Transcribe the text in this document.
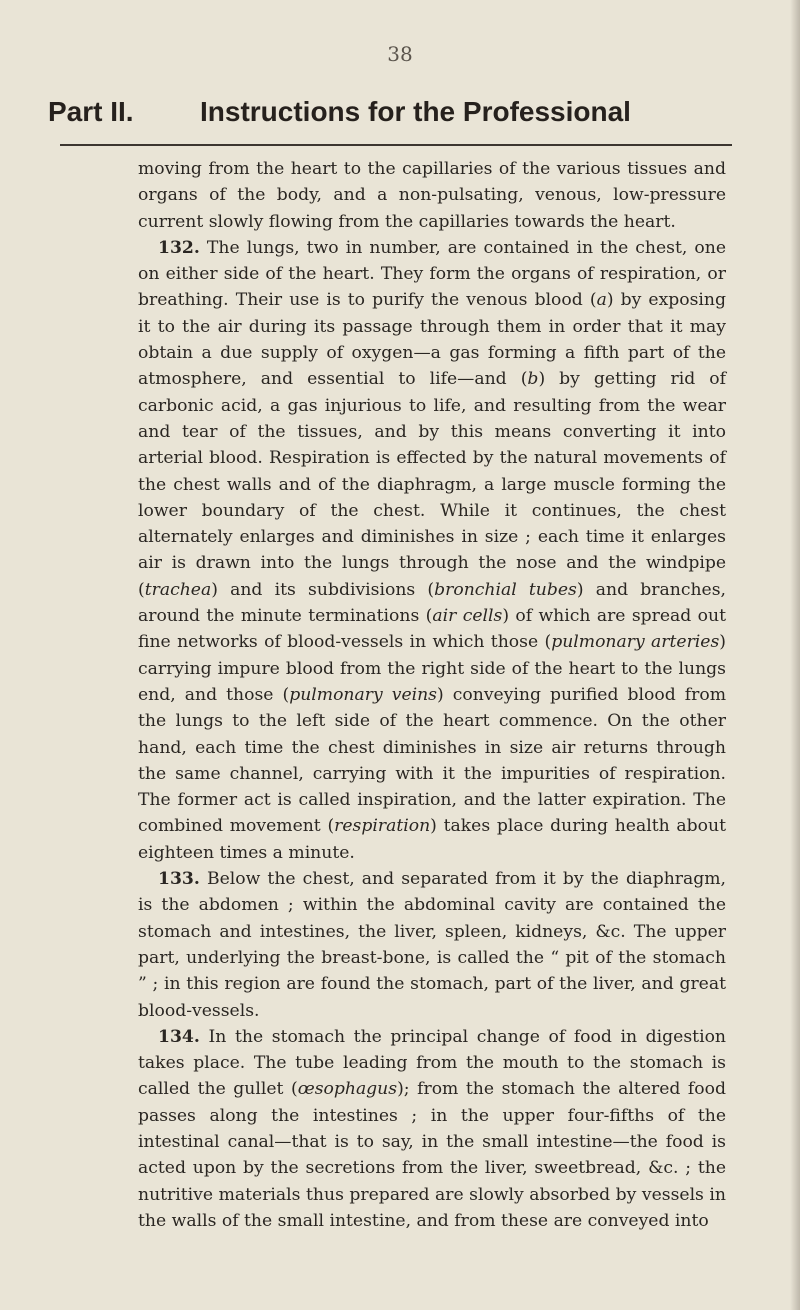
38
Part II. Instructions for the Professional

moving from the heart to the capillaries of the various tissues and organs of the body, and a non-pulsating, venous, low-pressure current slowly flowing from the capillaries towards the heart.

132. The lungs, two in number, are contained in the chest, one on either side of the heart. They form the organs of respiration, or breathing. Their use is to purify the venous blood (a) by exposing it to the air during its passage through them in order that it may obtain a due supply of oxygen—a gas forming a fifth part of the atmosphere, and essential to life—and (b) by getting rid of carbonic acid, a gas injurious to life, and resulting from the wear and tear of the tissues, and by this means converting it into arterial blood. Respiration is effected by the natural movements of the chest walls and of the diaphragm, a large muscle forming the lower boundary of the chest. While it continues, the chest alternately enlarges and diminishes in size ; each time it enlarges air is drawn into the lungs through the nose and the windpipe (trachea) and its subdivisions (bronchial tubes) and branches, around the minute terminations (air cells) of which are spread out fine networks of blood-vessels in which those (pulmonary arteries) carrying impure blood from the right side of the heart to the lungs end, and those (pulmonary veins) conveying purified blood from the lungs to the left side of the heart commence. On the other hand, each time the chest diminishes in size air returns through the same channel, carrying with it the impurities of respiration. The former act is called inspiration, and the latter expiration. The combined movement (respiration) takes place during health about eighteen times a minute.

133. Below the chest, and separated from it by the diaphragm, is the abdomen ; within the abdominal cavity are contained the stomach and intestines, the liver, spleen, kidneys, &c. The upper part, underlying the breast-bone, is called the “ pit of the stomach ” ; in this region are found the stomach, part of the liver, and great blood-vessels.

134. In the stomach the principal change of food in digestion takes place. The tube leading from the mouth to the stomach is called the gullet (œsophagus); from the stomach the altered food passes along the intestines ; in the upper four-fifths of the intestinal canal—that is to say, in the small intestine—the food is acted upon by the secretions from the liver, sweetbread, &c. ; the nutritive materials thus prepared are slowly absorbed by vessels in the walls of the small intestine, and from these are conveyed into
